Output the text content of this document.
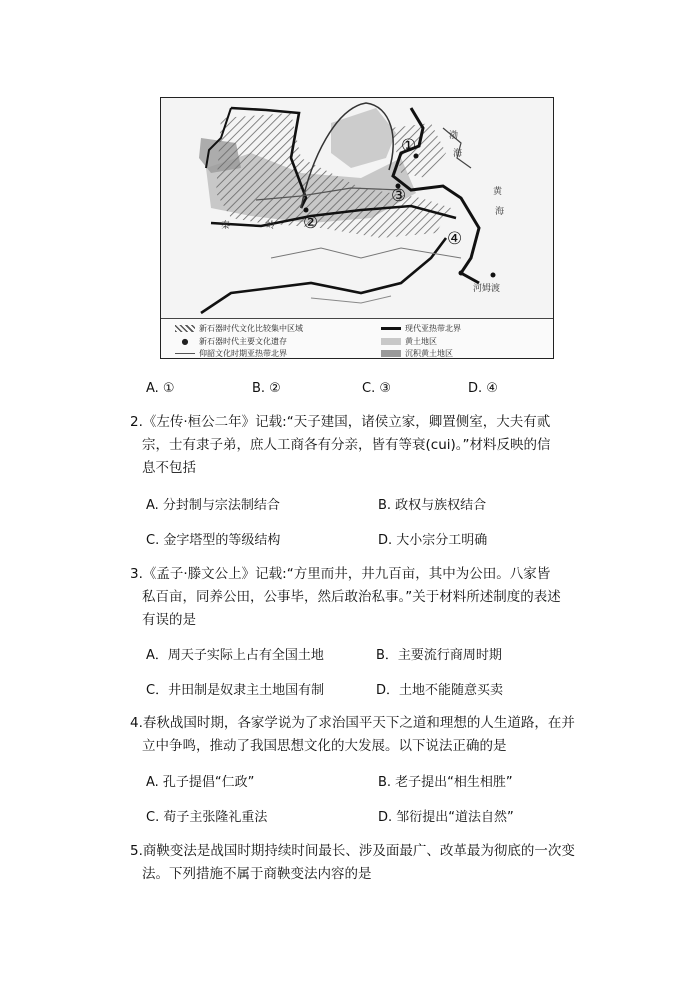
渤
海
黄
海
秦	岭
河姆渡
①
②
③
④
新石器时代文化比较集中区域
● 新石器时代主要文化遗存
仰韶文化时期亚热带北界
现代亚热带北界
黄土地区
沉积黄土地区
A. ①	B. ②	C. ③	D. ④
2.《左传·桓公二年》记载:“天子建国，诸侯立家，卿置侧室，大夫有贰
宗，士有隶子弟，庶人工商各有分亲，皆有等衰(cui)。”材料反映的信
息不包括
A. 分封制与宗法制结合	B. 政权与族权结合
C. 金字塔型的等级结构	D. 大小宗分工明确
3.《孟子·滕文公上》记载:“方里而井，井九百亩，其中为公田。八家皆
私百亩，同养公田，公事毕，然后敢治私事。”关于材料所述制度的表述
有误的是
A．周天子实际上占有全国土地	B．主要流行商周时期
C．井田制是奴隶主土地国有制	D．土地不能随意买卖
4.春秋战国时期，各家学说为了求治国平天下之道和理想的人生道路，在并
立中争鸣，推动了我国思想文化的大发展。以下说法正确的是
A. 孔子提倡“仁政”	B. 老子提出“相生相胜”
C. 荀子主张隆礼重法	D. 邹衍提出“道法自然”
5.商鞅变法是战国时期持续时间最长、涉及面最广、改革最为彻底的一次变
法。下列措施不属于商鞅变法内容的是
